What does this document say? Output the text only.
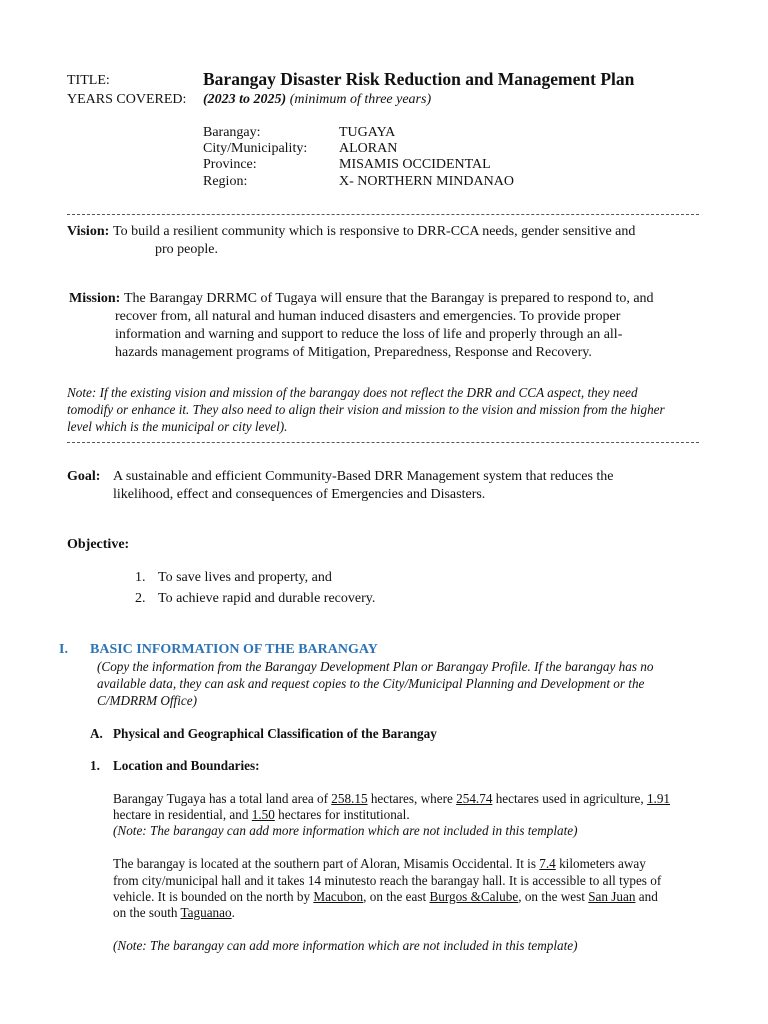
TITLE:	Barangay Disaster Risk Reduction and Management Plan
YEARS COVERED: (2023 to 2025) (minimum of three years)
Barangay:	TUGAYA
City/Municipality: ALORAN
Province:	MISAMIS OCCIDENTAL
Region:	X- NORTHERN MINDANAO
Vision: To build a resilient community which is responsive to DRR-CCA needs, gender sensitive and
pro people.
Mission: The Barangay DRRMC of Tugaya will ensure that the Barangay is prepared to respond to, and
recover from, all natural and human induced disasters and emergencies. To provide proper
information and warning and support to reduce the loss of life and properly through an all-
hazards management programs of Mitigation, Preparedness, Response and Recovery.
Note: If the existing vision and mission of the barangay does not reflect the DRR and CCA aspect, they need
tomodify or enhance it. They also need to align their vision and mission to the vision and mission from the higher
level which is the municipal or city level).
Goal: A sustainable and efficient Community-Based DRR Management system that reduces the
likelihood, effect and consequences of Emergencies and Disasters.
Objective:
1. To save lives and property, and
2. To achieve rapid and durable recovery.
I. BASIC INFORMATION OF THE BARANGAY
(Copy the information from the Barangay Development Plan or Barangay Profile. If the barangay has no
available data, they can ask and request copies to the City/Municipal Planning and Development or the
C/MDRRM Office)
A. Physical and Geographical Classification of the Barangay
1. Location and Boundaries:
Barangay Tugaya has a total land area of 258.15 hectares, where 254.74 hectares used in agriculture, 1.91
hectare in residential, and 1.50 hectares for institutional.
(Note: The barangay can add more information which are not included in this template)
The barangay is located at the southern part of Aloran, Misamis Occidental. It is 7.4 kilometers away
from city/municipal hall and it takes 14 minutesto reach the barangay hall. It is accessible to all types of
vehicle. It is bounded on the north by Macubon, on the east Burgos &Calube, on the west San Juan and
on the south Taguanao.
(Note: The barangay can add more information which are not included in this template)
